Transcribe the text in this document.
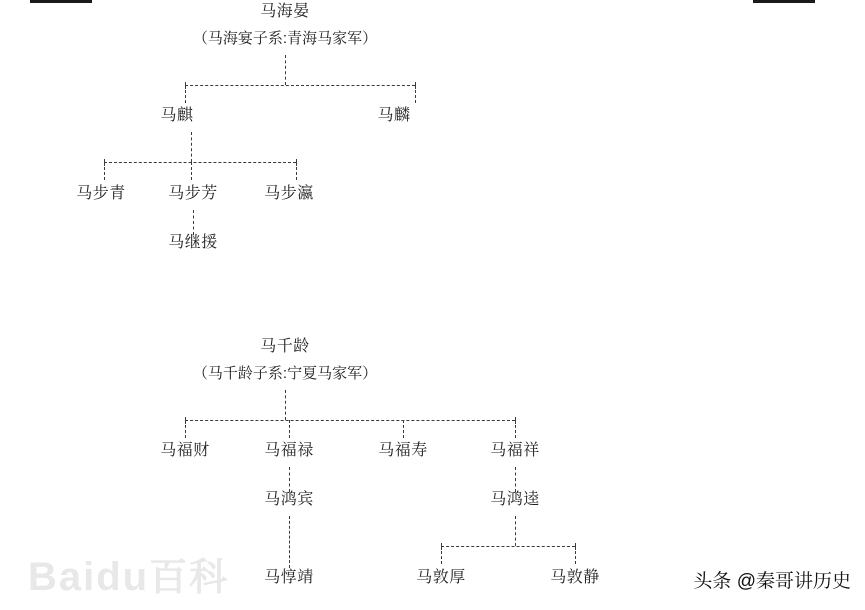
马海晏
（马海宴子系:青海马家军）
马麒	马麟
马步青	马步芳	马步瀛
马继援
马千龄
（马千龄子系:宁夏马家军）
马福财	马福禄	马福寿	马福祥
马鸿宾	马鸿逵
马惇靖	马敦厚	马敦静
Baidu百科	头条 @秦哥讲历史
